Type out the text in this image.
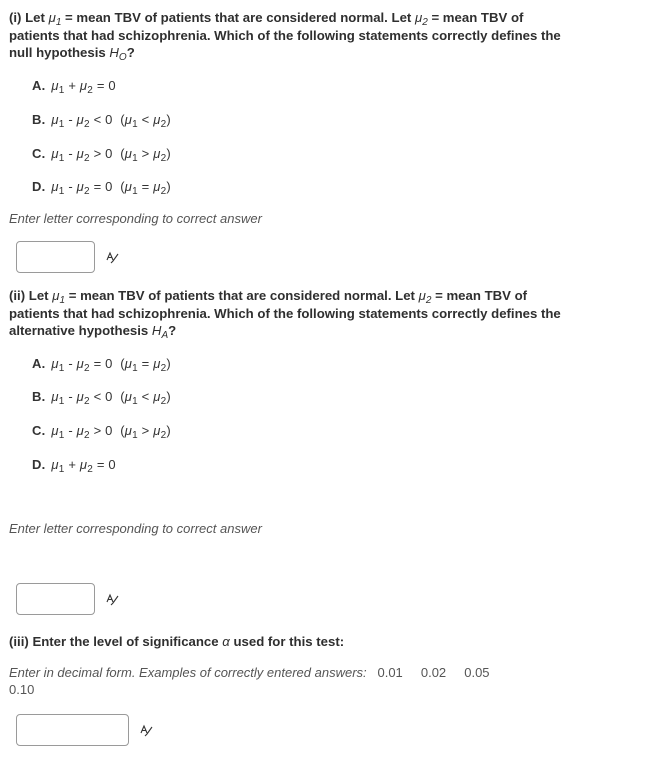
(i) Let $\mu_1$ = mean TBV of patients that are considered normal. Let $\mu_2$ = mean TBV of patients that had schizophrenia. Which of the following statements correctly defines the null hypothesis $H_O$?
A. $\mu_1 + \mu_2 = 0$
B. $\mu_1 - \mu_2 < 0$  $(\mu_1 < \mu_2)$
C. $\mu_1 - \mu_2 > 0$  $(\mu_1 > \mu_2)$
D. $\mu_1 - \mu_2 = 0$  $(\mu_1 = \mu_2)$
Enter letter corresponding to correct answer
(ii) Let $\mu_1$ = mean TBV of patients that are considered normal. Let $\mu_2$ = mean TBV of patients that had schizophrenia. Which of the following statements correctly defines the alternative hypothesis $H_A$?
A. $\mu_1 - \mu_2 = 0$  $(\mu_1 = \mu_2)$
B. $\mu_1 - \mu_2 < 0$  $(\mu_1 < \mu_2)$
C. $\mu_1 - \mu_2 > 0$  $(\mu_1 > \mu_2)$
D. $\mu_1 + \mu_2 = 0$
Enter letter corresponding to correct answer
(iii) Enter the level of significance α used for this test:
Enter in decimal form. Examples of correctly entered answers: 0.01 0.02 0.05
0.10
